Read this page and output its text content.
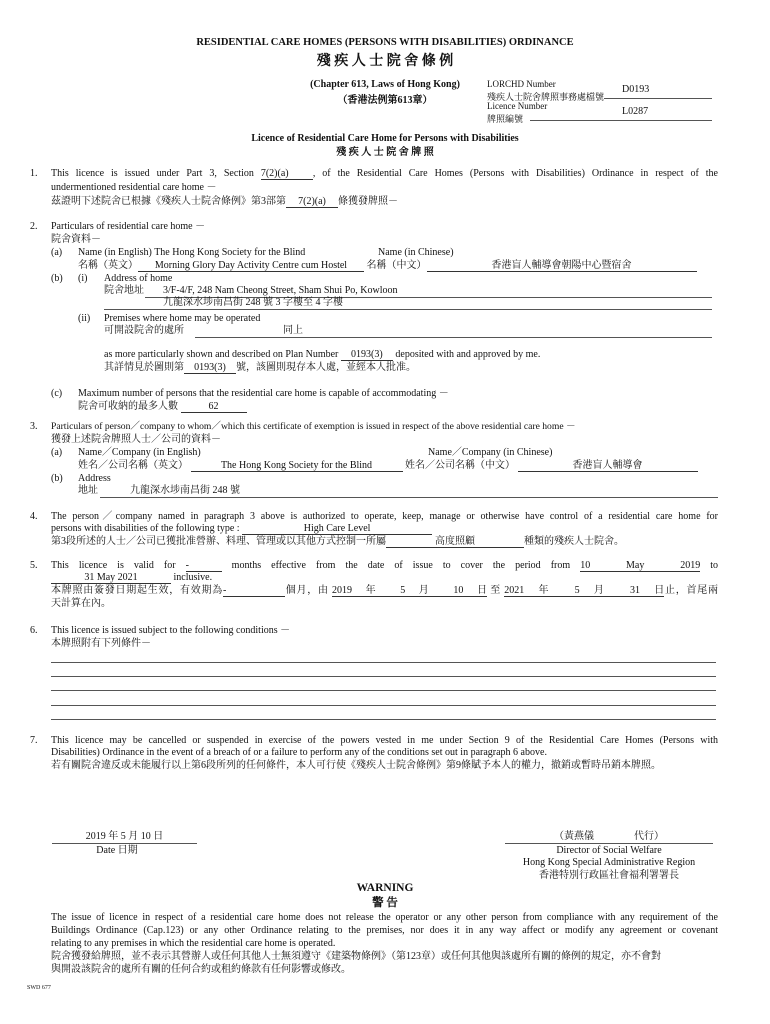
RESIDENTIAL CARE HOMES (PERSONS WITH DISABILITIES) ORDINANCE
殘 疾 人 士 院 舍 條 例
(Chapter 613, Laws of Hong Kong)
（香港法例第613章）
LORCHD Number
殘疾人士院舍牌照事務處檔號
D0193
Licence Number
牌照編號
L0287
Licence of Residential Care Home for Persons with Disabilities
殘 疾 人 士 院 舍 牌 照
1. This licence is issued under Part 3, Section 7(2)(a) , of the Residential Care Homes (Persons with Disabilities) Ordinance in respect of the
undermentioned residential care home －
茲證明下述院舍已根據《殘疾人士院舍條例》第3部第 7(2)(a) 條獲發牌照－
2. Particulars of residential care home －
院舍資料－
(a) Name (in English) The Hong Kong Society for the Blind	Name (in Chinese)
名稱（英文） Morning Glory Day Activity Centre cum Hostel 名稱（中文）	香港盲人輔導會朝陽中心暨宿舍
(b) (i) Address of home
院舍地址 3/F-4/F, 248 Nam Cheong Street, Sham Shui Po, Kowloon
九龍深水埗南昌街 248 號 3 字樓至 4 字樓
(ii) Premises where home may be operated
可開設院舍的處所	同上
as more particularly shown and described on Plan Number 0193(3) deposited with and approved by me.
其詳情見於圖則第 0193(3) 號，該圖則現存本人處，並經本人批准。
(c) Maximum number of persons that the residential care home is capable of accommodating －
院舍可收納的最多人數	62
3. Particulars of person／company to whom／which this certificate of exemption is issued in respect of the above residential care home －
獲發上述院舍牌照人士／公司的資料－
(a) Name／Company (in English)	Name／Company (in Chinese)
姓名／公司名稱（英文）	The Hong Kong Society for the Blind	姓名／公司名稱（中文）	香港盲人輔導會
(b) Address
地址	九龍深水埗南昌街 248 號
4. The person／company named in paragraph 3 above is authorized to operate, keep, manage or otherwise have control of a residential care home for
persons with disabilities of the following type :	High Care Level
第3段所述的人士／公司已獲批准營辦、料理、管理或以其他方式控制一所屬	高度照顧	種類的殘疾人士院舍。
5. This licence is valid for -	months effective from the date of issue to cover the period from 10 May 2019 to
31 May 2021	inclusive.
本牌照由簽發日期起生效，有效期為-	個月，由 2019 年 5 月 10 日 至 2021 年 5 月 31 日止，首尾兩
天計算在內。
6. This licence is issued subject to the following conditions －
本牌照附有下列條件－
7. This licence may be cancelled or suspended in exercise of the powers vested in me under Section 9 of the Residential Care Homes (Persons with
Disabilities) Ordinance in the event of a breach of or a failure to perform any of the conditions set out in paragraph 6 above.
若有關院舍違反或未能履行以上第6段所列的任何條件，本人可行使《殘疾人士院舍條例》第9條賦予本人的權力，撤銷或暫時吊銷本牌照。
2019 年 5 月 10 日
Date 日期
（黃燕儀                代行）
Director of Social Welfare
Hong Kong Special Administrative Region
香港特別行政區社會福利署署長
WARNING
警 告
The issue of licence in respect of a residential care home does not release the operator or any other person from compliance with any requirement of the
Buildings Ordinance (Cap.123) or any other Ordinance relating to the premises, nor does it in any way affect or modify any agreement or covenant
relating to any premises in which the residential care home is operated.
院舍獲發給牌照，並不表示其營辦人或任何其他人士無須遵守《建築物條例》（第123章）或任何其他與該處所有關的條例的規定，亦不會對
與開設該院舍的處所有關的任何合約或租約條款有任何影響或修改。
SWD 677
